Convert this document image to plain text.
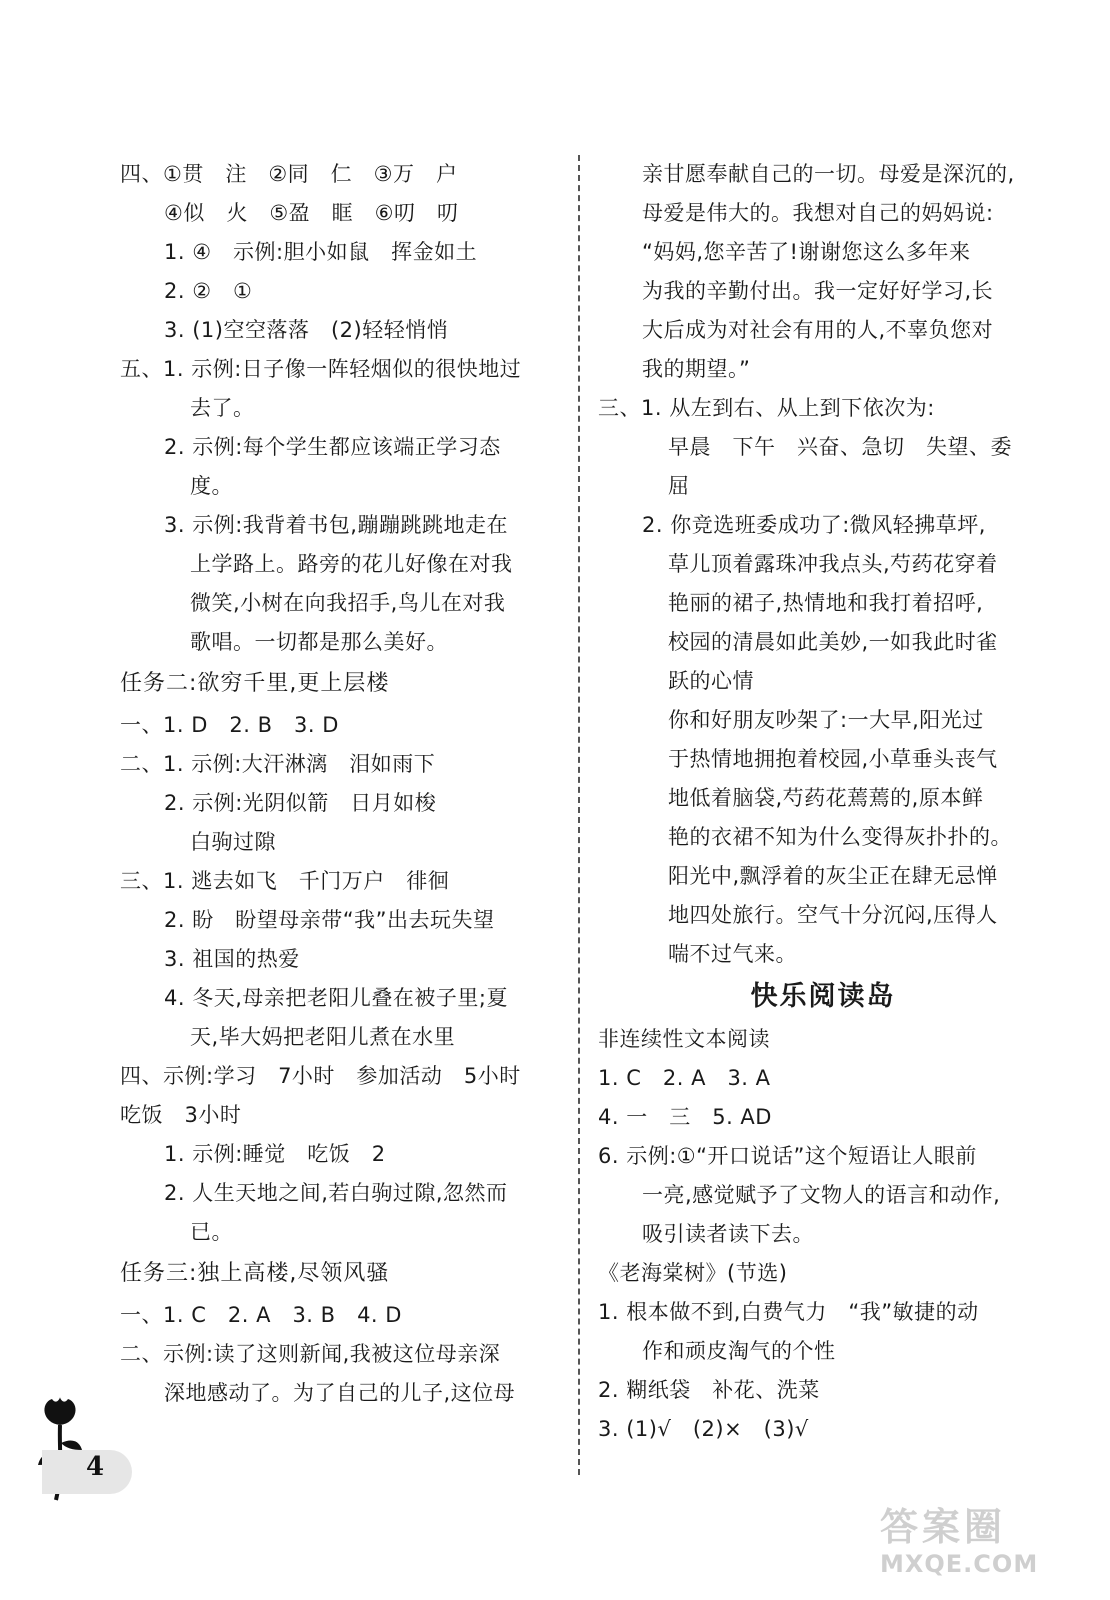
四、①贯　注　②同　仁　③万　户
④似　火　⑤盈　眶　⑥叨　叨
1. ④　示例:胆小如鼠　挥金如土
2. ②　①
3. (1)空空落落　(2)轻轻悄悄
五、1. 示例:日子像一阵轻烟似的很快地过
去了。
2. 示例:每个学生都应该端正学习态
度。
3. 示例:我背着书包,蹦蹦跳跳地走在
上学路上。路旁的花儿好像在对我
微笑,小树在向我招手,鸟儿在对我
歌唱。一切都是那么美好。
任务二:欲穷千里,更上层楼
一、1. D　2. B　3. D
二、1. 示例:大汗淋漓　泪如雨下
2. 示例:光阴似箭　日月如梭
白驹过隙
三、1. 逃去如飞　千门万户　徘徊
2. 盼　盼望母亲带“我”出去玩失望
3. 祖国的热爱
4. 冬天,母亲把老阳儿叠在被子里;夏
天,毕大妈把老阳儿煮在水里
四、示例:学习　7小时　参加活动　5小时
吃饭　3小时
1. 示例:睡觉　吃饭　2
2. 人生天地之间,若白驹过隙,忽然而
已。
任务三:独上高楼,尽领风骚
一、1. C　2. A　3. B　4. D
二、示例:读了这则新闻,我被这位母亲深
深地感动了。为了自己的儿子,这位母
亲甘愿奉献自己的一切。母爱是深沉的,
母爱是伟大的。我想对自己的妈妈说:
“妈妈,您辛苦了!谢谢您这么多年来
为我的辛勤付出。我一定好好学习,长
大后成为对社会有用的人,不辜负您对
我的期望。”
三、1. 从左到右、从上到下依次为:
早晨　下午　兴奋、急切　失望、委
屈
2. 你竞选班委成功了:微风轻拂草坪,
草儿顶着露珠冲我点头,芍药花穿着
艳丽的裙子,热情地和我打着招呼,
校园的清晨如此美妙,一如我此时雀
跃的心情
你和好朋友吵架了:一大早,阳光过
于热情地拥抱着校园,小草垂头丧气
地低着脑袋,芍药花蔫蔫的,原本鲜
艳的衣裙不知为什么变得灰扑扑的。
阳光中,飘浮着的灰尘正在肆无忌惮
地四处旅行。空气十分沉闷,压得人
喘不过气来。
快乐阅读岛
非连续性文本阅读
1. C　2. A　3. A
4. 一　三　5. AD
6. 示例:①“开口说话”这个短语让人眼前
一亮,感觉赋予了文物人的语言和动作,
吸引读者读下去。
《老海棠树》(节选)
1. 根本做不到,白费气力　“我”敏捷的动
作和顽皮淘气的个性
2. 糊纸袋　补花、洗菜
3. (1)√　(2)×　(3)√
4
答案圈
MXQE.COM
